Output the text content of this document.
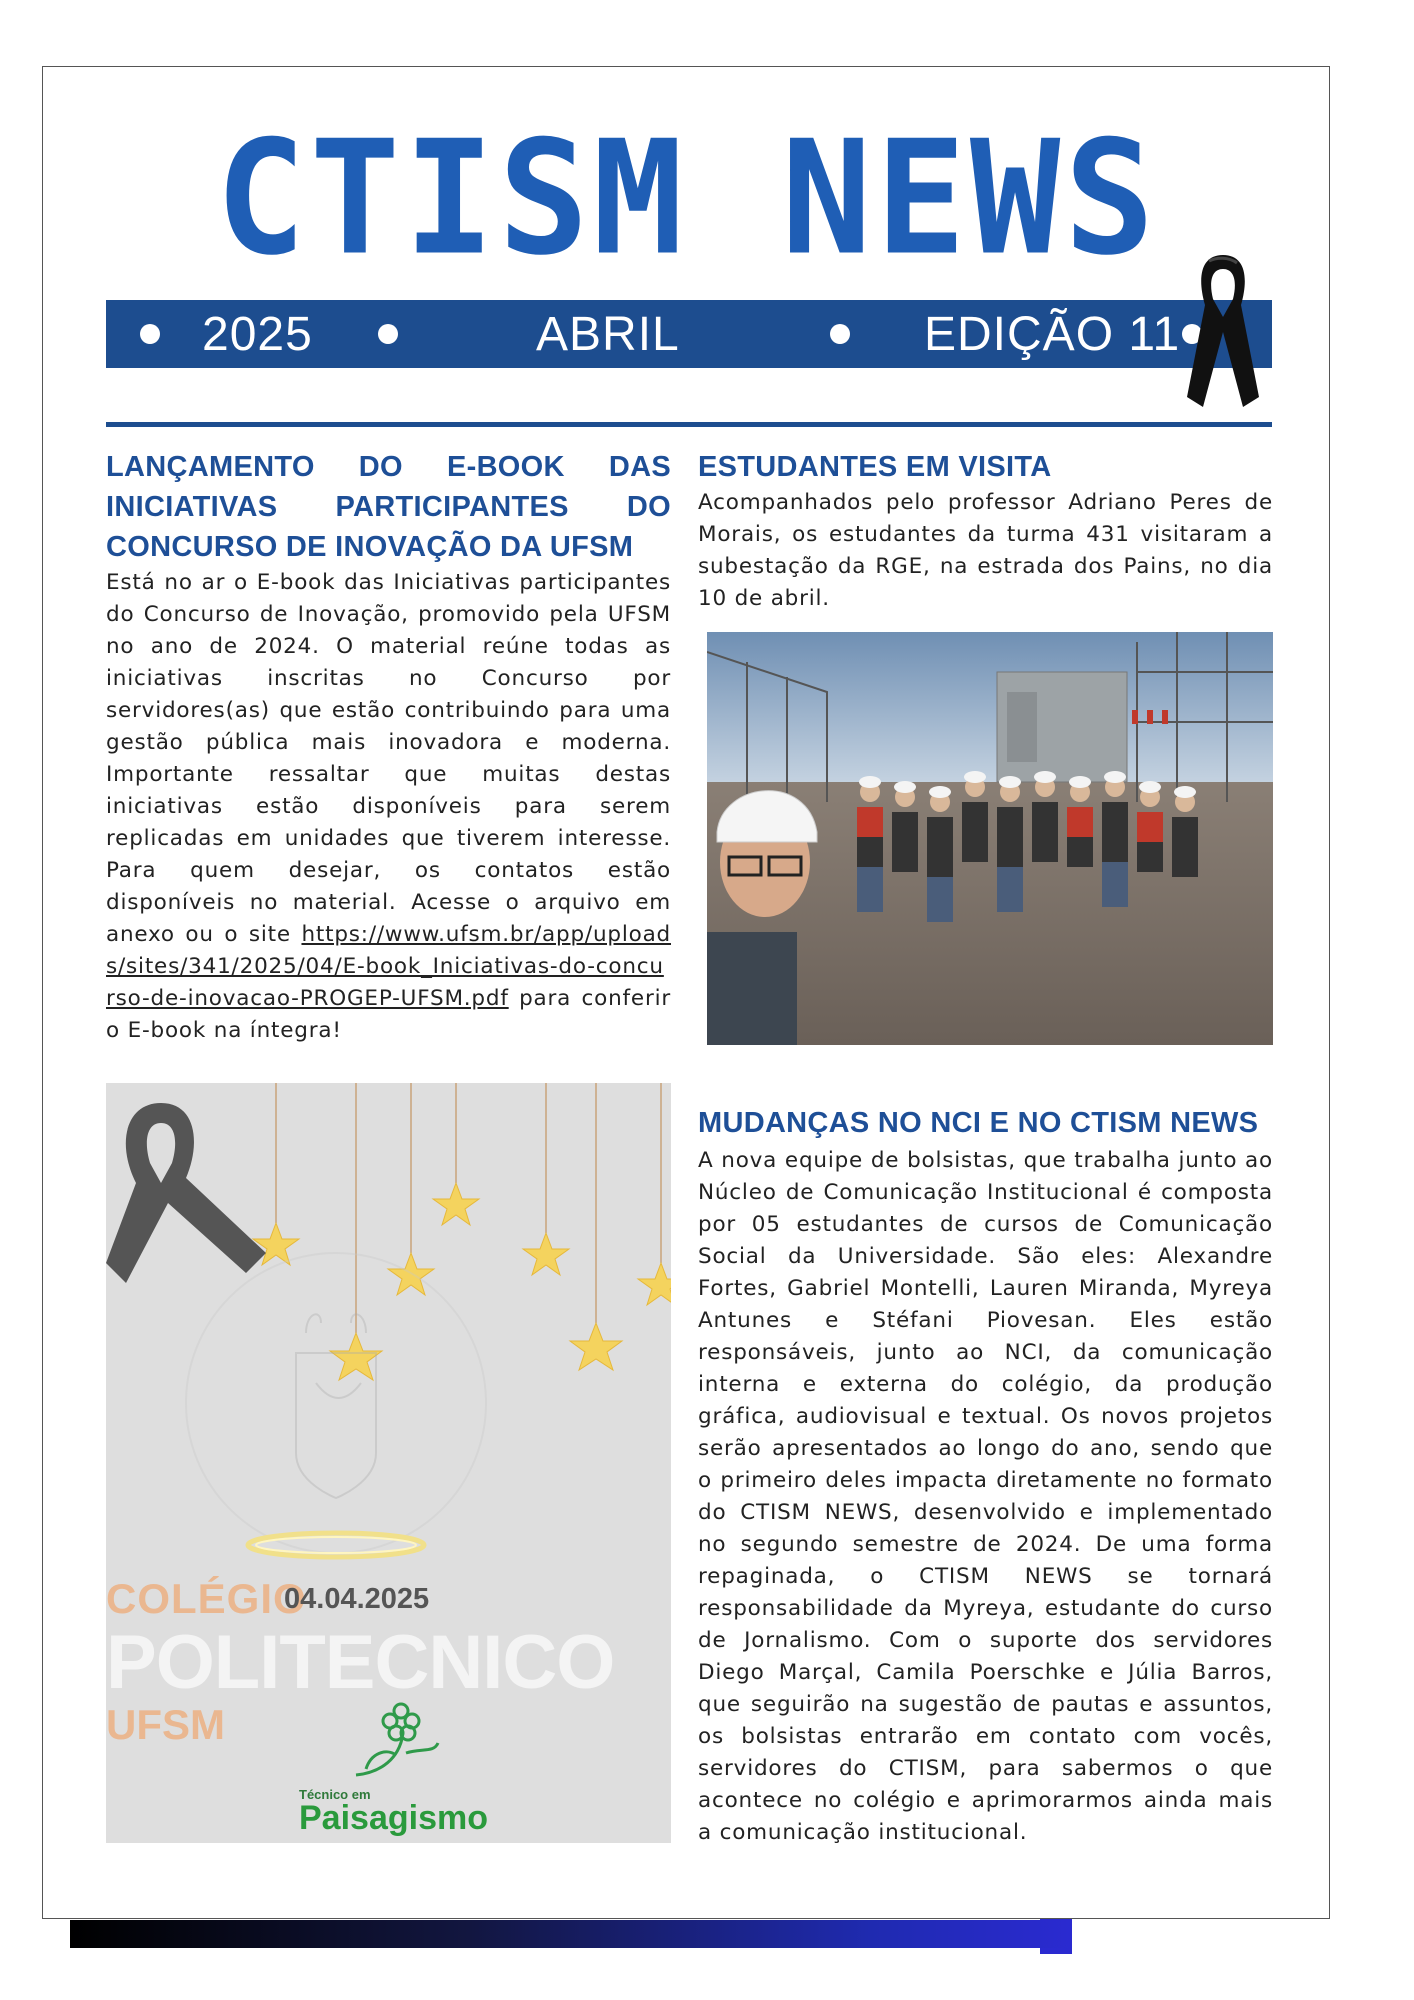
CTISM NEWS
2025	ABRIL	EDIÇÃO 11
LANÇAMENTO DO E-BOOK DAS INICIATIVAS PARTICIPANTES DO CONCURSO DE INOVAÇÃO DA UFSM
Está no ar o E-book das Iniciativas participantes do Concurso de Inovação, promovido pela UFSM no ano de 2024. O material reúne todas as iniciativas inscritas no Concurso por servidores(as) que estão contribuindo para uma gestão pública mais inovadora e moderna. Importante ressaltar que muitas destas iniciativas estão disponíveis para serem replicadas em unidades que tiverem interesse. Para quem desejar, os contatos estão disponíveis no material. Acesse o arquivo em anexo ou o site https://www.ufsm.br/app/uploads/sites/341/2025/04/E-book_Iniciativas-do-concurso-de-inovacao-PROGEP-UFSM.pdf para conferir o E-book na íntegra!
COLÉGIO
04.04.2025
POLITECNICO
UFSM
Técnico em
Paisagismo
ESTUDANTES EM VISITA
Acompanhados pelo professor Adriano Peres de Morais, os estudantes da turma 431 visitaram a subestação da RGE, na estrada dos Pains, no dia 10 de abril.
MUDANÇAS NO NCI E NO CTISM NEWS
A nova equipe de bolsistas, que trabalha junto ao Núcleo de Comunicação Institucional é composta por 05 estudantes de cursos de Comunicação Social da Universidade. São eles: Alexandre Fortes, Gabriel Montelli, Lauren Miranda, Myreya Antunes e Stéfani Piovesan. Eles estão responsáveis, junto ao NCI, da comunicação interna e externa do colégio, da produção gráfica, audiovisual e textual. Os novos projetos serão apresentados ao longo do ano, sendo que o primeiro deles impacta diretamente no formato do CTISM NEWS, desenvolvido e implementado no segundo semestre de 2024. De uma forma repaginada, o CTISM NEWS se tornará responsabilidade da Myreya, estudante do curso de Jornalismo. Com o suporte dos servidores Diego Marçal, Camila Poerschke e Júlia Barros, que seguirão na sugestão de pautas e assuntos, os bolsistas entrarão em contato com vocês, servidores do CTISM, para sabermos o que acontece no colégio e aprimorarmos ainda mais a comunicação institucional.
